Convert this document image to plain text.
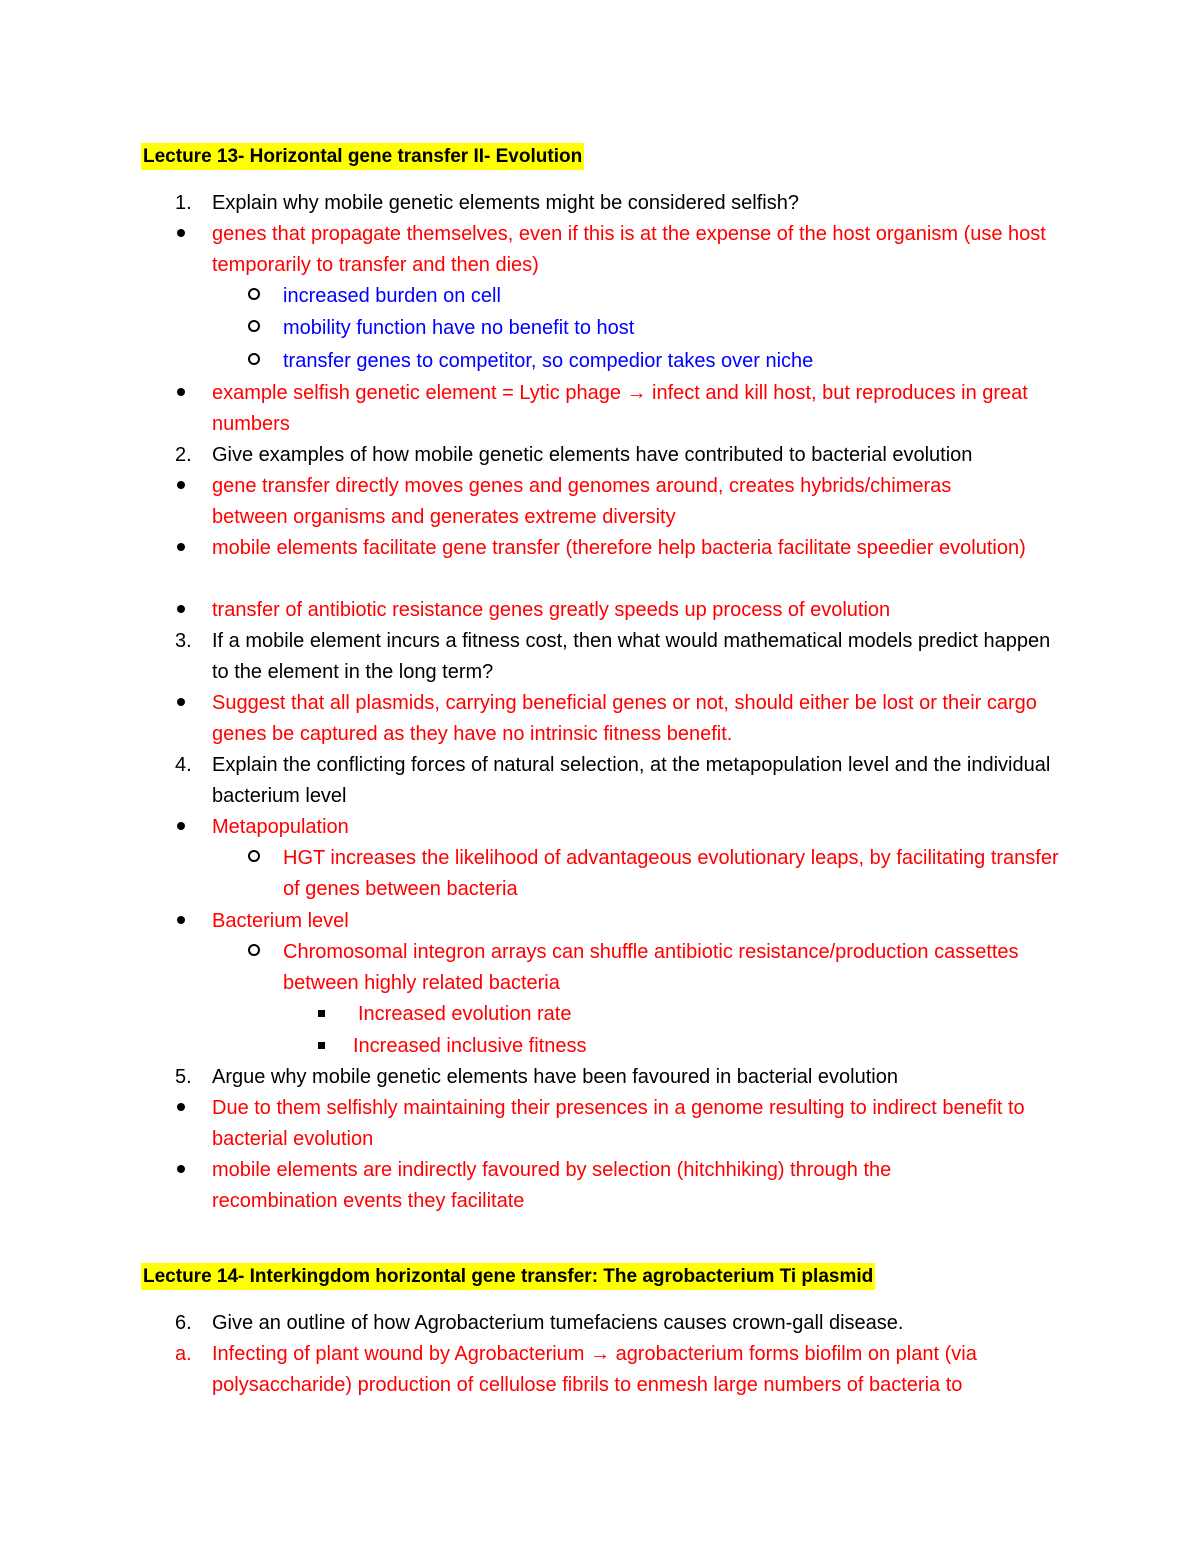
Lecture 13- Horizontal gene transfer II- Evolution
1.	Explain why mobile genetic elements might be considered selfish?
genes that propagate themselves, even if this is at the expense of the host organism (use host temporarily to transfer and then dies)
increased burden on cell
mobility function have no benefit to host
transfer genes to competitor, so compedior takes over niche
example selfish genetic element = Lytic phage → infect and kill host, but reproduces in great numbers
2.	Give examples of how mobile genetic elements have contributed to bacterial evolution
gene transfer directly moves genes and genomes around, creates hybrids/chimeras between organisms and generates extreme diversity
mobile elements facilitate gene transfer (therefore help bacteria facilitate speedier evolution)
transfer of antibiotic resistance genes greatly speeds up process of evolution
3.	If a mobile element incurs a fitness cost, then what would mathematical models predict happen to the element in the long term?
Suggest that all plasmids, carrying beneficial genes or not, should either be lost or their cargo genes be captured as they have no intrinsic fitness benefit.
4.	Explain the conflicting forces of natural selection, at the metapopulation level and the individual bacterium level
Metapopulation
HGT increases the likelihood of advantageous evolutionary leaps, by facilitating transfer of genes between bacteria
Bacterium level
Chromosomal integron arrays can shuffle antibiotic resistance/production cassettes between highly related bacteria
Increased evolution rate
Increased inclusive fitness
5.	Argue why mobile genetic elements have been favoured in bacterial evolution
Due to them selfishly maintaining their presences in a genome resulting to indirect benefit to bacterial evolution
mobile elements are indirectly favoured by selection (hitchhiking) through the recombination events they facilitate
Lecture 14- Interkingdom horizontal gene transfer: The agrobacterium Ti plasmid
6.	Give an outline of how Agrobacterium tumefaciens causes crown-gall disease.
a.	Infecting of plant wound by Agrobacterium → agrobacterium forms biofilm on plant (via polysaccharide) production of cellulose fibrils to enmesh large numbers of bacteria to
